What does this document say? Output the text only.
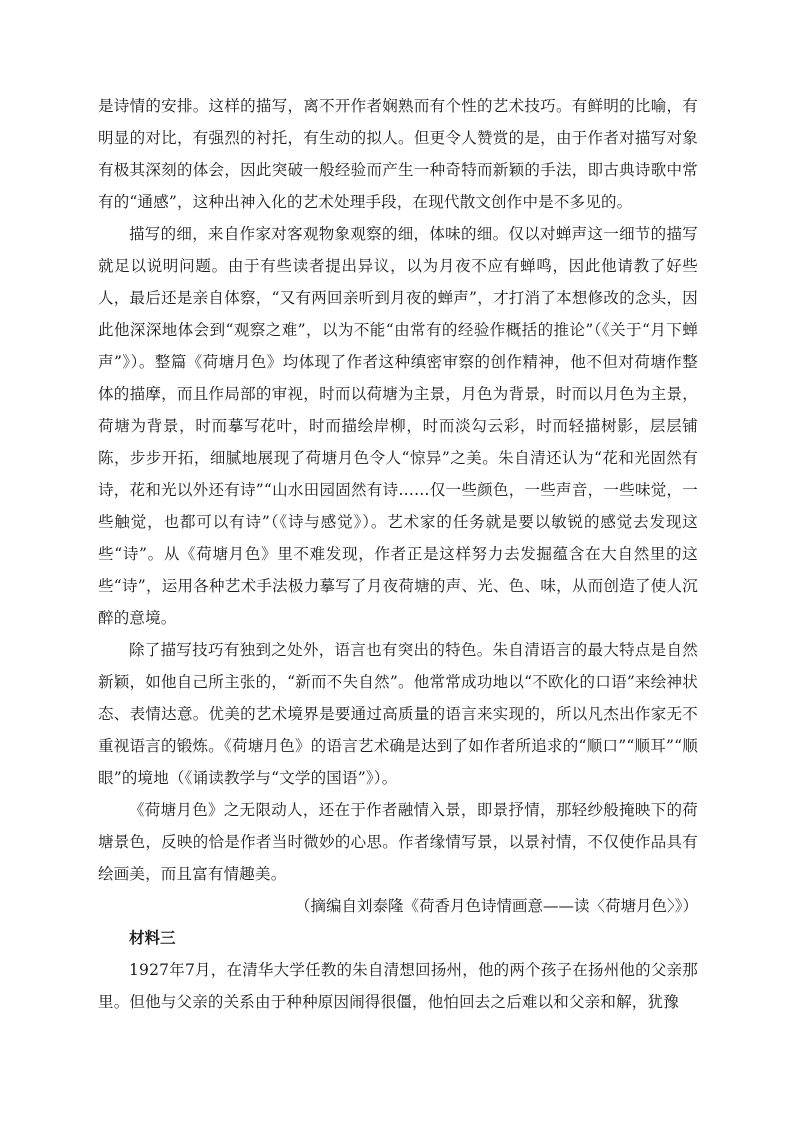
是诗情的安排。这样的描写，离不开作者娴熟而有个性的艺术技巧。有鲜明的比喻，有明显的对比，有强烈的衬托，有生动的拟人。但更令人赞赏的是，由于作者对描写对象有极其深刻的体会，因此突破一般经验而产生一种奇特而新颖的手法，即古典诗歌中常有的“通感”，这种出神入化的艺术处理手段，在现代散文创作中是不多见的。

描写的细，来自作家对客观物象观察的细，体味的细。仅以对蝉声这一细节的描写就足以说明问题。由于有些读者提出异议，以为月夜不应有蝉鸣，因此他请教了好些人，最后还是亲自体察，“又有两回亲听到月夜的蝉声”，才打消了本想修改的念头，因此他深深地体会到“观察之难”，以为不能“由常有的经验作概括的推论”（《关于“月下蝉声”》）。整篇《荷塘月色》均体现了作者这种缜密审察的创作精神，他不但对荷塘作整体的描摩，而且作局部的审视，时而以荷塘为主景，月色为背景，时而以月色为主景，荷塘为背景，时而摹写花叶，时而描绘岸柳，时而淡勾云彩，时而轻描树影，层层铺陈，步步开拓，细腻地展现了荷塘月色令人“惊异”之美。朱自清还认为“花和光固然有诗，花和光以外还有诗”“山水田园固然有诗……仅一些颜色，一些声音，一些味觉，一些触觉，也都可以有诗”（《诗与感觉》）。艺术家的任务就是要以敏锐的感觉去发现这些“诗”。从《荷塘月色》里不难发现，作者正是这样努力去发掘蕴含在大自然里的这些“诗”，运用各种艺术手法极力摹写了月夜荷塘的声、光、色、味，从而创造了使人沉醉的意境。

除了描写技巧有独到之处外，语言也有突出的特色。朱自清语言的最大特点是自然新颖，如他自己所主张的，“新而不失自然”。他常常成功地以“不欧化的口语”来绘神状态、表情达意。优美的艺术境界是要通过高质量的语言来实现的，所以凡杰出作家无不重视语言的锻炼。《荷塘月色》的语言艺术确是达到了如作者所追求的“顺口”“顺耳”“顺眼”的境地（《诵读教学与“文学的国语”》）。

《荷塘月色》之无限动人，还在于作者融情入景，即景抒情，那轻纱般掩映下的荷塘景色，反映的恰是作者当时微妙的心思。作者缘情写景，以景衬情，不仅使作品具有绘画美，而且富有情趣美。

（摘编自刘泰隆《荷香月色诗情画意——读〈荷塘月色〉》）

材料三

1927年7月，在清华大学任教的朱自清想回扬州，他的两个孩子在扬州他的父亲那里。但他与父亲的关系由于种种原因闹得很僵，他怕回去之后难以和父亲和解，犹豫
